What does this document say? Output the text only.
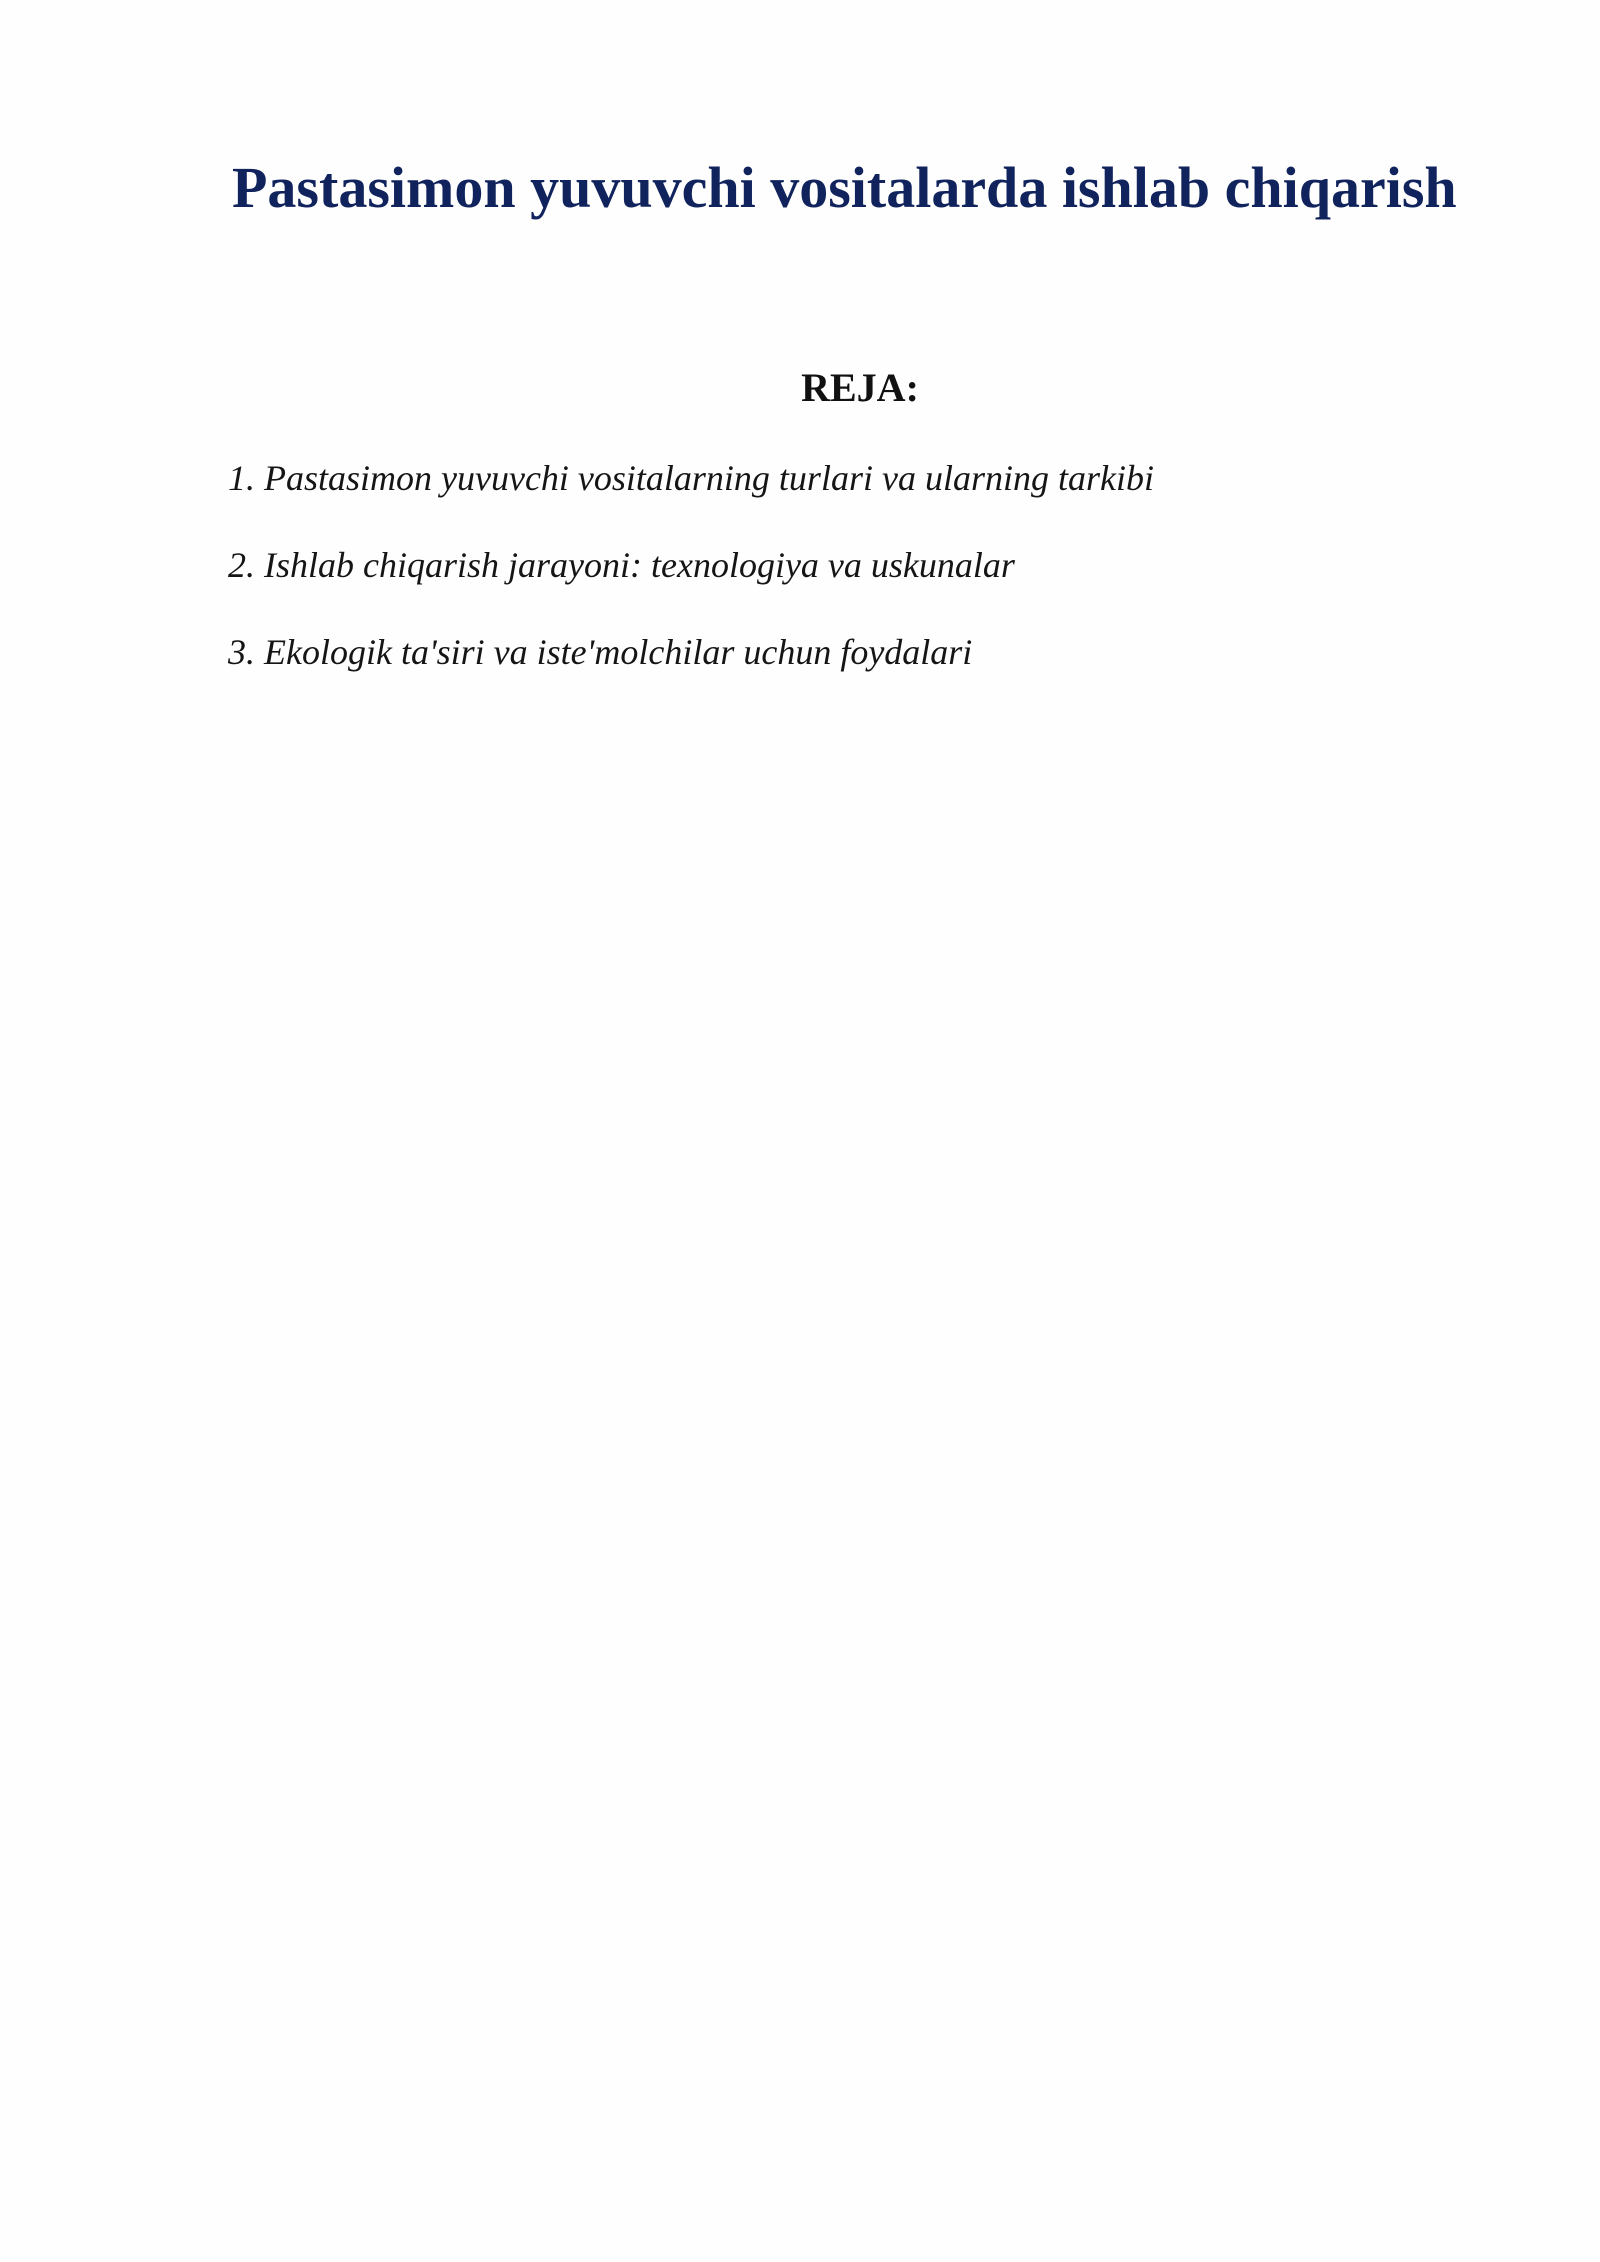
Pastasimon yuvuvchi vositalarda ishlab chiqarish
REJA:
1. Pastasimon yuvuvchi vositalarning turlari va ularning tarkibi
2. Ishlab chiqarish jarayoni: texnologiya va uskunalar
3. Ekologik ta'siri va iste'molchilar uchun foydalari
